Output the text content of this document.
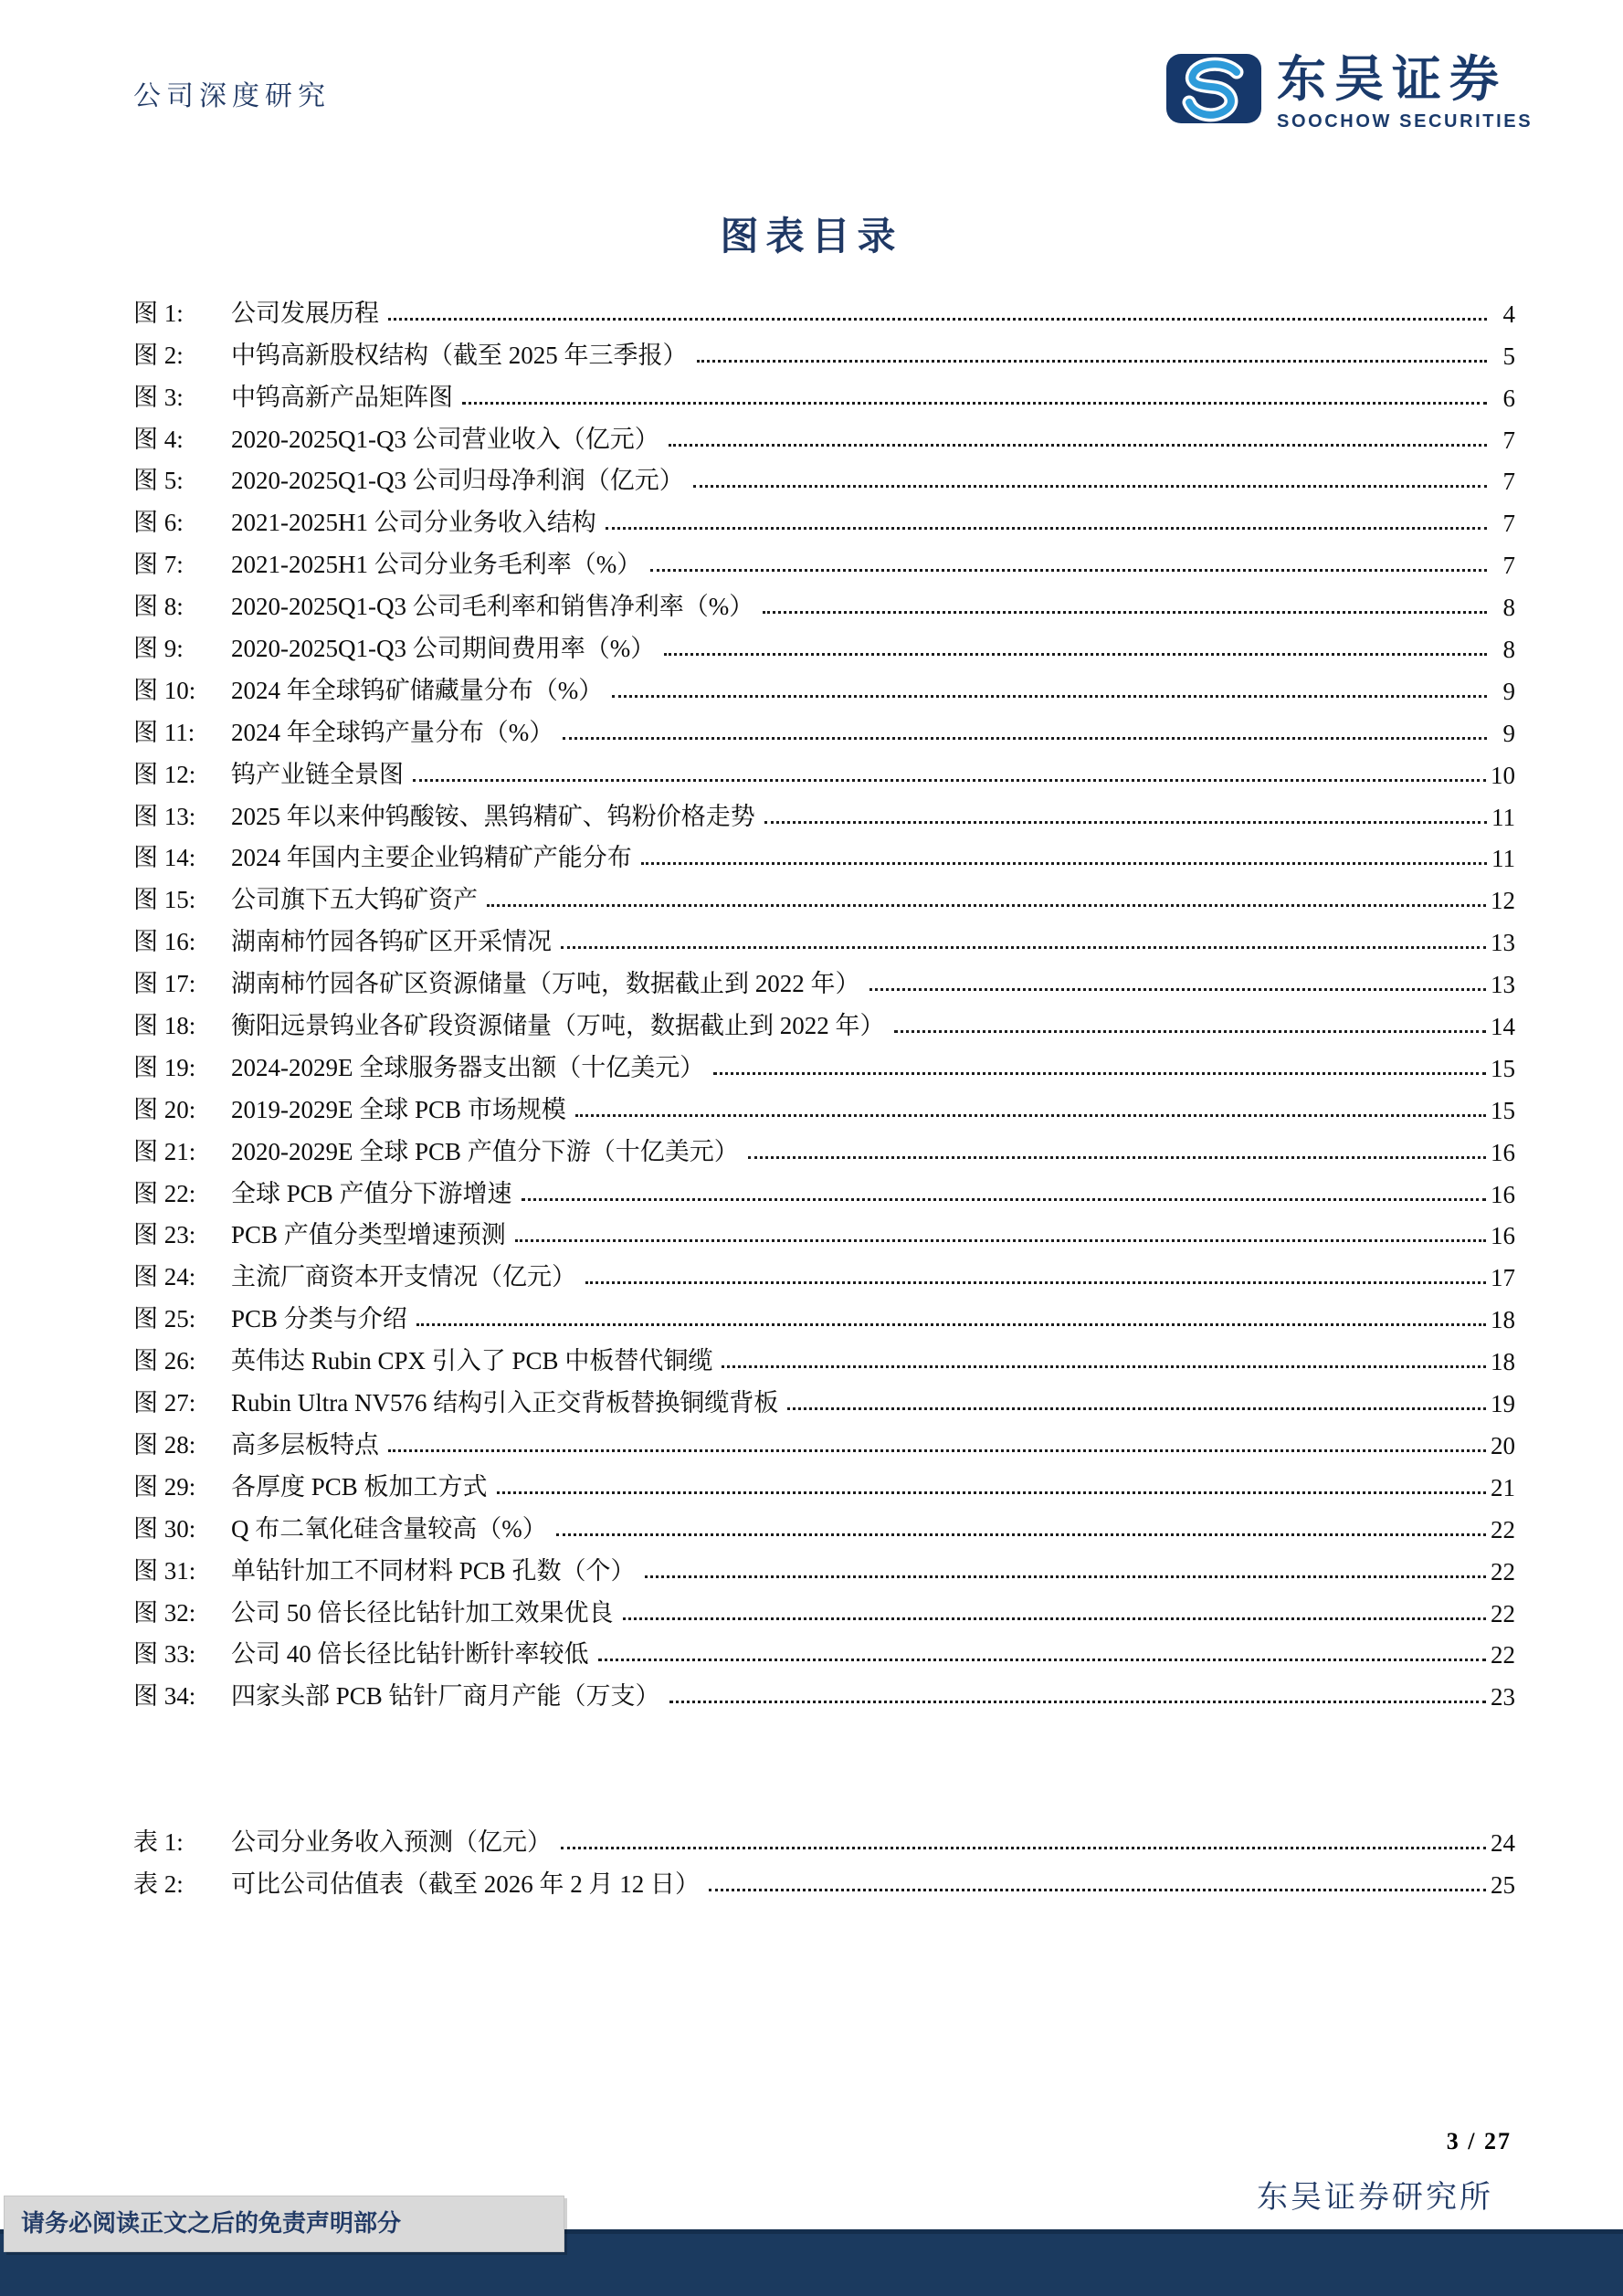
公司深度研究	东吴证券
SOOCHOW SECURITIES
图表目录
图 1:	公司发展历程	4
图 2:	中钨高新股权结构（截至 2025 年三季报）	5
图 3:	中钨高新产品矩阵图	6
图 4:	2020-2025Q1-Q3 公司营业收入（亿元）	7
图 5:	2020-2025Q1-Q3 公司归母净利润（亿元）	7
图 6:	2021-2025H1 公司分业务收入结构	7
图 7:	2021-2025H1 公司分业务毛利率（%）	7
图 8:	2020-2025Q1-Q3 公司毛利率和销售净利率（%）	8
图 9:	2020-2025Q1-Q3 公司期间费用率（%）	8
图 10:	2024 年全球钨矿储藏量分布（%）	9
图 11:	2024 年全球钨产量分布（%）	9
图 12:	钨产业链全景图	10
图 13:	2025 年以来仲钨酸铵、黑钨精矿、钨粉价格走势	11
图 14:	2024 年国内主要企业钨精矿产能分布	11
图 15:	公司旗下五大钨矿资产	12
图 16:	湖南柿竹园各钨矿区开采情况	13
图 17:	湖南柿竹园各矿区资源储量（万吨，数据截止到 2022 年）	13
图 18:	衡阳远景钨业各矿段资源储量（万吨，数据截止到 2022 年）	14
图 19:	2024-2029E 全球服务器支出额（十亿美元）	15
图 20:	2019-2029E 全球 PCB 市场规模	15
图 21:	2020-2029E 全球 PCB 产值分下游（十亿美元）	16
图 22:	全球 PCB 产值分下游增速	16
图 23:	PCB 产值分类型增速预测	16
图 24:	主流厂商资本开支情况（亿元）	17
图 25:	PCB 分类与介绍	18
图 26:	英伟达 Rubin CPX 引入了 PCB 中板替代铜缆	18
图 27:	Rubin Ultra NV576 结构引入正交背板替换铜缆背板	19
图 28:	高多层板特点	20
图 29:	各厚度 PCB 板加工方式	21
图 30:	Q 布二氧化硅含量较高（%）	22
图 31:	单钻针加工不同材料 PCB 孔数（个）	22
图 32:	公司 50 倍长径比钻针加工效果优良	22
图 33:	公司 40 倍长径比钻针断针率较低	22
图 34:	四家头部 PCB 钻针厂商月产能（万支）	23
表 1:	公司分业务收入预测（亿元）	24
表 2:	可比公司估值表（截至 2026 年 2 月 12 日）	25
3 / 27
东吴证券研究所
请务必阅读正文之后的免责声明部分
